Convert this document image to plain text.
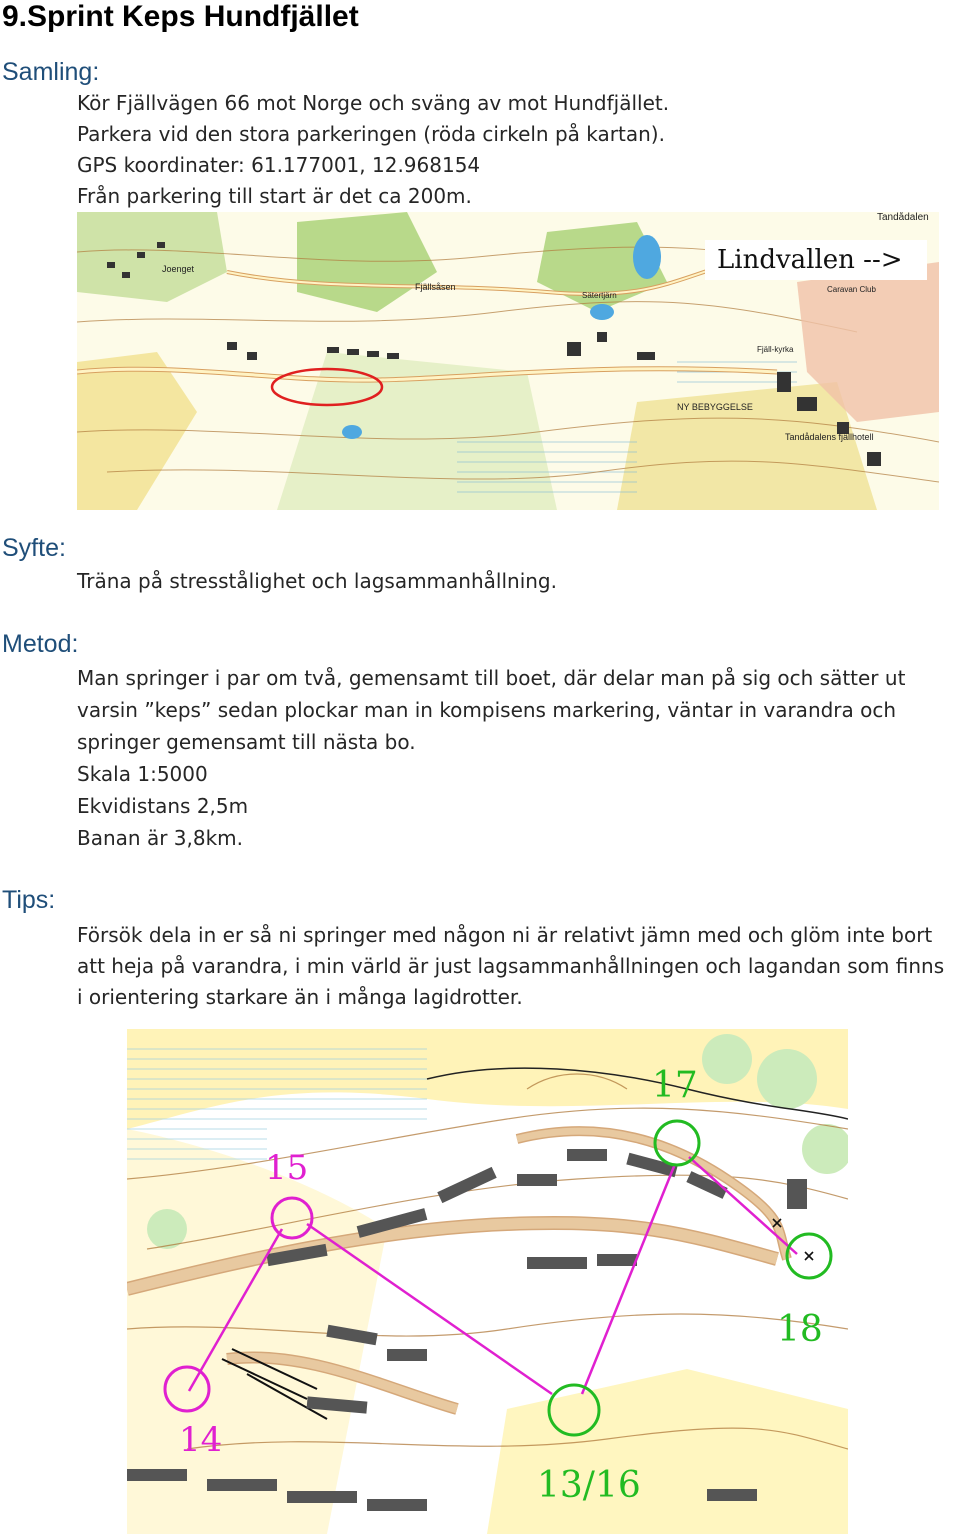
9.Sprint Keps Hundfjället
Samling:
Kör Fjällvägen 66 mot Norge och sväng av mot Hundfjället.
Parkera vid den stora parkeringen (röda cirkeln på kartan).
GPS koordinater: 61.177001, 12.968154
Från parkering till start är det ca 200m.
Lindvallen -->
Joenget
Fjällsåsen
Sätertjärn
Caravan Club
Fjäll-kyrka
NY BEBYGGELSE
Tandådalens fjällhotell
Tandådalen
Syfte:
Träna på stresstålighet och lagsammanhållning.
Metod:
Man springer i par om två, gemensamt till boet, där delar man på sig och sätter ut
varsin ”keps” sedan plockar man in kompisens markering, väntar in varandra och
springer gemensamt till nästa bo.
Skala 1:5000
Ekvidistans 2,5m
Banan är 3,8km.
Tips:
Försök dela in er så ni springer med någon ni är relativt jämn med och glöm inte bort
att heja på varandra, i min värld är just lagsammanhållningen och lagandan som finns
i orientering starkare än i många lagidrotter.
14
15
13/16
17
18
